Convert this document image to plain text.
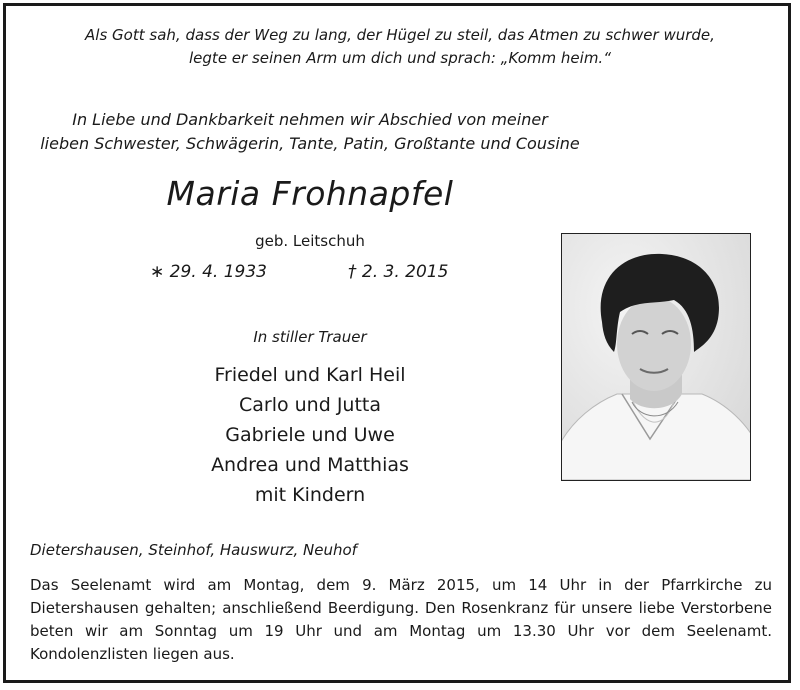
Als Gott sah, dass der Weg zu lang, der Hügel zu steil, das Atmen zu schwer wurde,
legte er seinen Arm um dich und sprach: „Komm heim.“
In Liebe und Dankbarkeit nehmen wir Abschied von meiner
lieben Schwester, Schwägerin, Tante, Patin, Großtante und Cousine
Maria Frohnapfel
geb. Leitschuh
∗ 29. 4. 1933	† 2. 3. 2015
In stiller Trauer
Friedel und Karl Heil
Carlo und Jutta
Gabriele und Uwe
Andrea und Matthias
mit Kindern
Dietershausen, Steinhof, Hauswurz, Neuhof
Das Seelenamt wird am Montag, dem 9. März 2015, um 14 Uhr in der Pfarrkirche zu Dietershausen gehalten; anschließend Beerdigung. Den Rosenkranz für unsere liebe Verstorbene beten wir am Sonntag um 19 Uhr und am Montag um 13.30 Uhr vor dem Seelenamt. Kondolenzlisten liegen aus.
